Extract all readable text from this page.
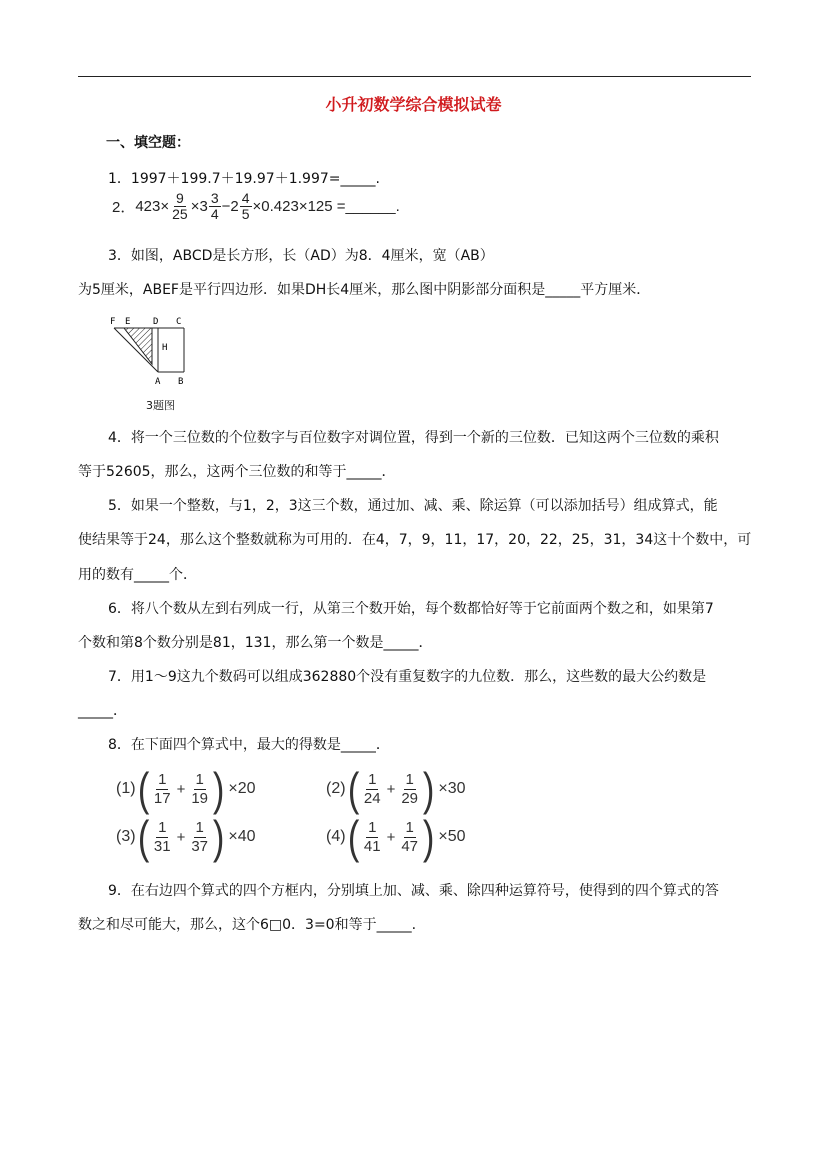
小升初数学综合模拟试卷
一、填空题：
1．1997＋199.7＋19.97＋1.997=_____.
2． $423 \times \frac{9}{25} \times 3 \frac{3}{4} - 2 \frac{4}{5} \times 0.423\times 125$ =______.
3．如图，ABCD是长方形，长（AD）为8．4厘米，宽（AB）
为5厘米，ABEF是平行四边形．如果DH长4厘米，那么图中阴影部分面积是_____平方厘米．
F E	D C
H
A B
3题图
4．将一个三位数的个位数字与百位数字对调位置，得到一个新的三位数．已知这两个三位数的乘积
等于52605，那么，这两个三位数的和等于_____．
5．如果一个整数，与1，2，3这三个数，通过加、减、乘、除运算（可以添加括号）组成算式，能
使结果等于24，那么这个整数就称为可用的．在4，7，9，11，17，20，22，25，31，34这十个数中，可
用的数有_____个．
6．将八个数从左到右列成一行，从第三个数开始，每个数都恰好等于它前面两个数之和，如果第7
个数和第8个数分别是81，131，那么第一个数是_____．
7．用1～9这九个数码可以组成362880个没有重复数字的九位数．那么，这些数的最大公约数是
_____．
8．在下面四个算式中，最大的得数是_____．
(1) ( $\frac{1}{17} + \frac{1}{19}$ ) ×20	(2) ( $\frac{1}{24} + \frac{1}{29}$ ) ×30
(3) ( $\frac{1}{31} + \frac{1}{37}$ ) ×40	(4) ( $\frac{1}{41} + \frac{1}{47}$ ) ×50
9．在右边四个算式的四个方框内，分别填上加、减、乘、除四种运算符号，使得到的四个算式的答
数之和尽可能大，那么，这个6□0．3=0和等于_____.
